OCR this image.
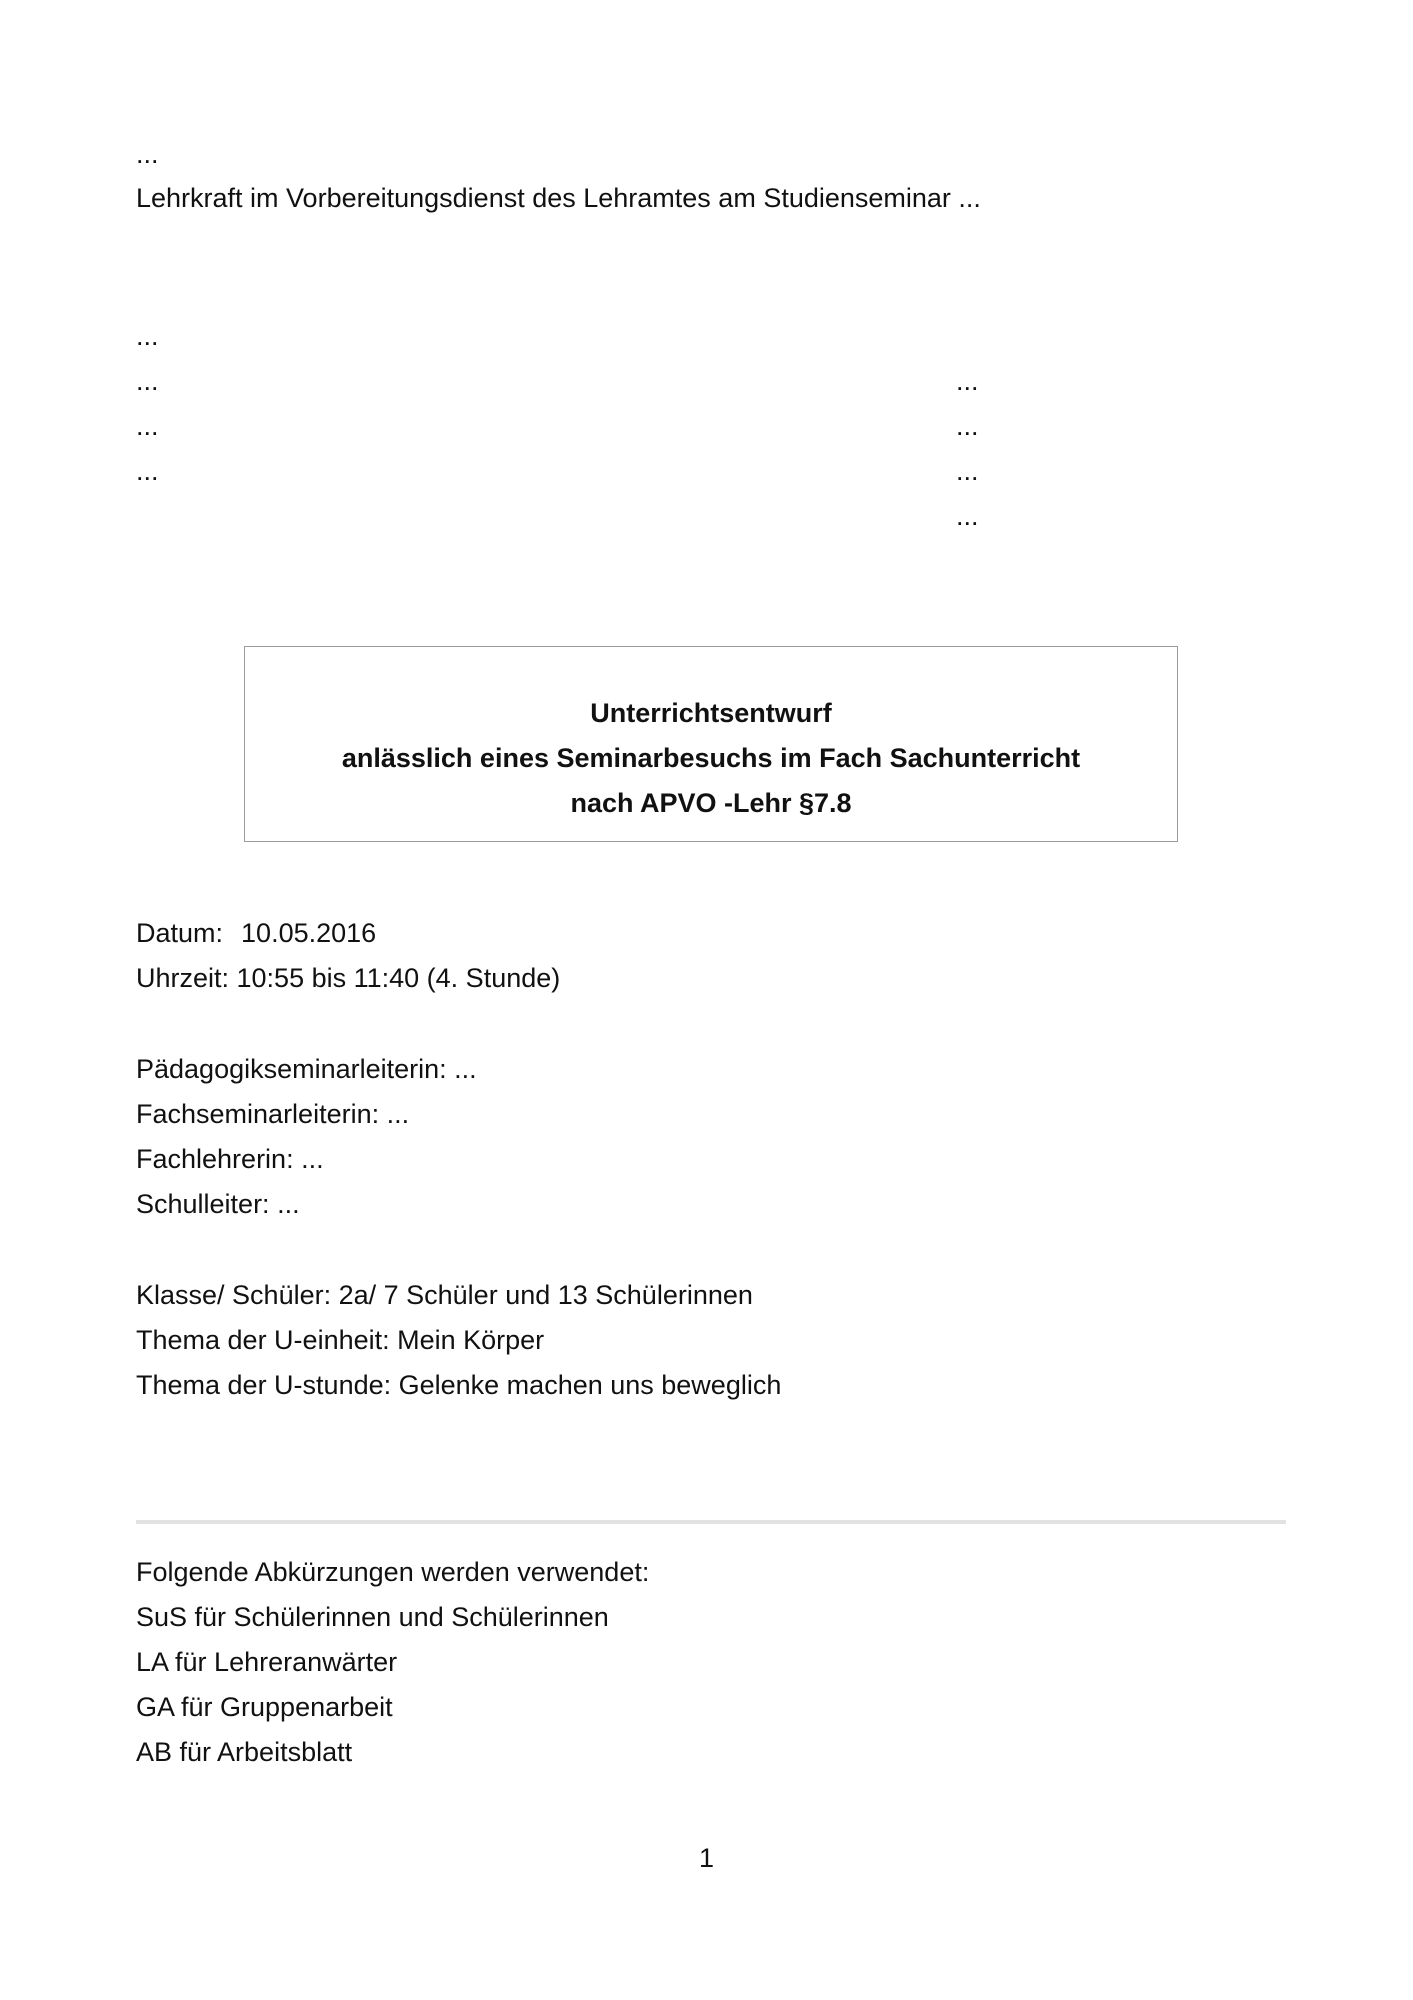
...
Lehrkraft im Vorbereitungsdienst des Lehramtes am Studienseminar ...
...
...
...
...
...
...
...
...
Unterrichtsentwurf
anlässlich eines Seminarbesuchs im Fach Sachunterricht
nach APVO -Lehr §7.8
Datum: 10.05.2016
Uhrzeit: 10:55 bis 11:40 (4. Stunde)
Pädagogikseminarleiterin: ...
Fachseminarleiterin: ...
Fachlehrerin: ...
Schulleiter: ...
Klasse/ Schüler: 2a/ 7 Schüler und 13 Schülerinnen
Thema der U-einheit: Mein Körper
Thema der U-stunde: Gelenke machen uns beweglich
Folgende Abkürzungen werden verwendet:
SuS für Schülerinnen und Schülerinnen
LA für Lehreranwärter
GA für Gruppenarbeit
AB für Arbeitsblatt
1
